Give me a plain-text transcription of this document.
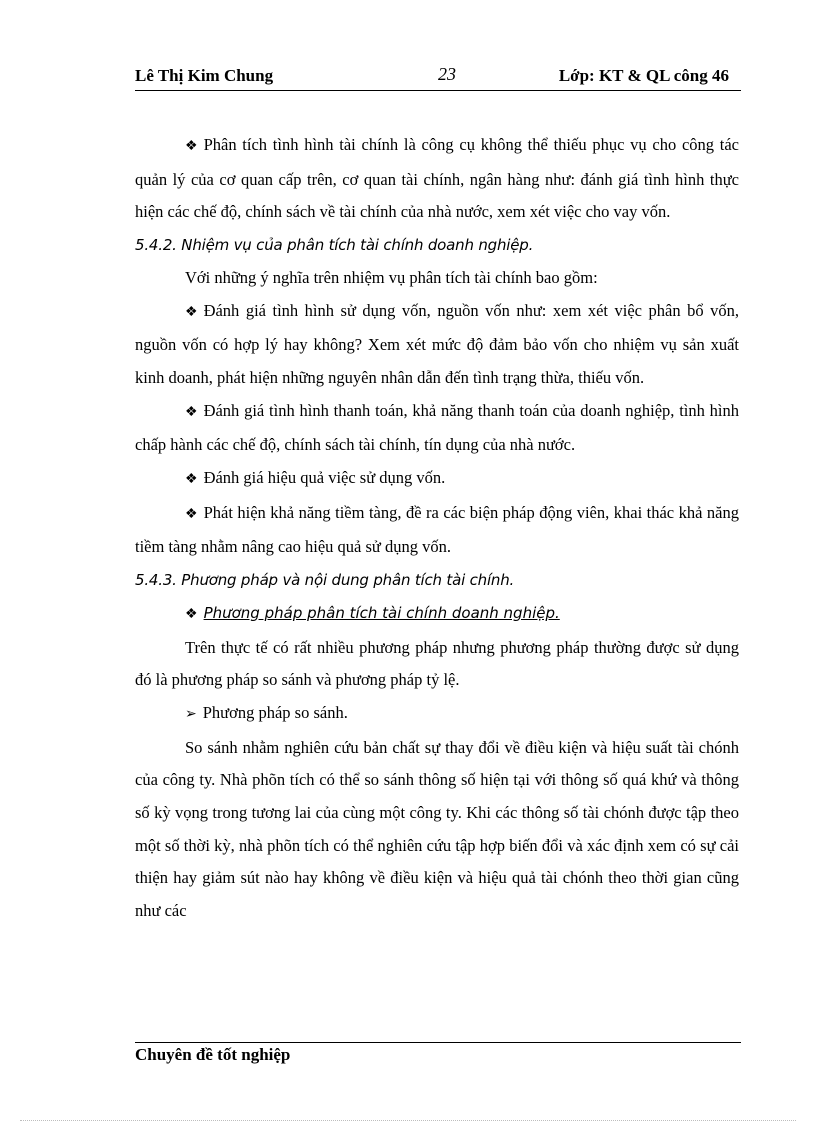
Lê Thị Kim Chung	23	Lớp: KT & QL công 46

❖ Phân tích tình hình tài chính là công cụ không thể thiếu phục vụ cho công tác quản lý của cơ quan cấp trên, cơ quan tài chính, ngân hàng như: đánh giá tình hình thực hiện các chế độ, chính sách về tài chính của nhà nước, xem xét việc cho vay vốn.

5.4.2. Nhiệm vụ của phân tích tài chính doanh nghiệp.

Với những ý nghĩa trên nhiệm vụ phân tích tài chính bao gồm:

❖ Đánh giá tình hình sử dụng vốn, nguồn vốn như: xem xét việc phân bổ vốn, nguồn vốn có hợp lý hay không? Xem xét mức độ đảm bảo vốn cho nhiệm vụ sản xuất kinh doanh, phát hiện những nguyên nhân dẫn đến tình trạng thừa, thiếu vốn.

❖ Đánh giá tình hình thanh toán, khả năng thanh toán của doanh nghiệp, tình hình chấp hành các chế độ, chính sách tài chính, tín dụng của nhà nước.

❖ Đánh giá hiệu quả việc sử dụng vốn.

❖ Phát hiện khả năng tiềm tàng, đề ra các biện pháp động viên, khai thác khả năng tiềm tàng nhằm nâng cao hiệu quả sử dụng vốn.

5.4.3. Phương pháp và nội dung phân tích tài chính.

❖ Phương pháp phân tích tài chính doanh nghiệp.

Trên thực tế có rất nhiều phương pháp nhưng phương pháp thường được sử dụng đó là phương pháp so sánh và phương pháp tỷ lệ.

➢ Phương pháp so sánh.

So sánh nhằm nghiên cứu bản chất sự thay đổi về điều kiện và hiệu suất tài chónh của công ty. Nhà phõn tích có thể so sánh thông số hiện tại với thông số quá khứ và thông số kỳ vọng trong tương lai của cùng một công ty. Khi các thông số tài chónh được tập theo một số thời kỳ, nhà phõn tích có thể nghiên cứu tập hợp biến đổi và xác định xem có sự cải thiện hay giảm sút nào hay không về điều kiện và hiệu quả tài chónh theo thời gian cũng như các

Chuyên đề tốt nghiệp
